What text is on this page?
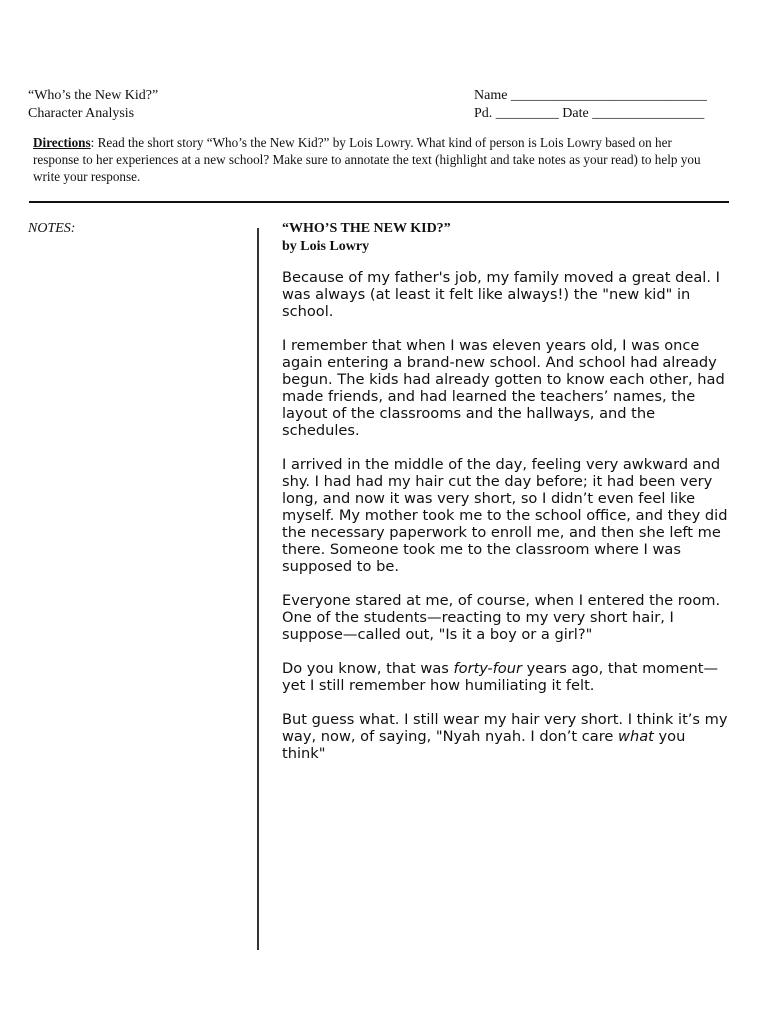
“Who’s the New Kid?”
Character Analysis
Name ____________________________
Pd. _________ Date ________________
Directions: Read the short story “Who’s the New Kid?” by Lois Lowry. What kind of person is Lois Lowry based on her response to her experiences at a new school? Make sure to annotate the text (highlight and take notes as your read) to help you write your response.
NOTES:	“WHO’S THE NEW KID?”
by Lois Lowry

Because of my father's job, my family moved a great deal. I was always (at least it felt like always!) the "new kid" in school.

I remember that when I was eleven years old, I was once again entering a brand-new school. And school had already begun. The kids had already gotten to know each other, had made friends, and had learned the teachers’ names, the layout of the classrooms and the hallways, and the schedules.

I arrived in the middle of the day, feeling very awkward and shy. I had had my hair cut the day before; it had been very long, and now it was very short, so I didn’t even feel like myself. My mother took me to the school office, and they did the necessary paperwork to enroll me, and then she left me there. Someone took me to the classroom where I was supposed to be.

Everyone stared at me, of course, when I entered the room. One of the students—reacting to my very short hair, I suppose—called out, "Is it a boy or a girl?"

Do you know, that was forty-four years ago, that moment—yet I still remember how humiliating it felt.

But guess what. I still wear my hair very short. I think it’s my way, now, of saying, "Nyah nyah. I don’t care what you think"
